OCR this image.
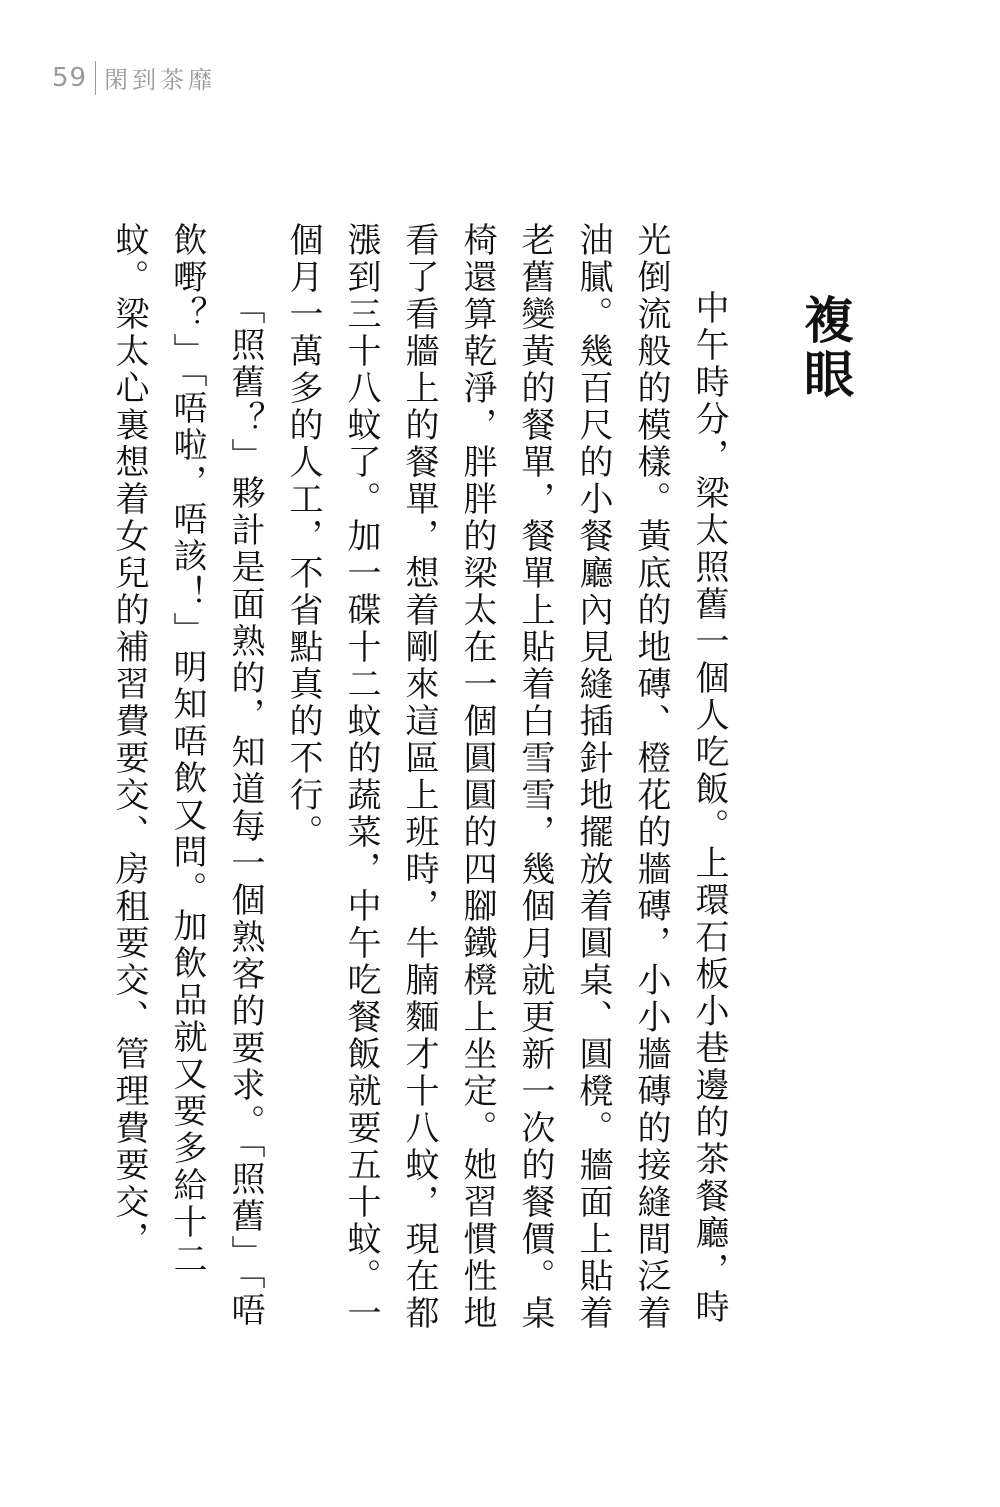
59 閑到茶靡
複眼

中午時分，梁太照舊一個人吃飯。上環石板小巷邊的茶餐廳，時光倒流般的模樣。黃底的地磚、橙花的牆磚，小小牆磚的接縫間泛着油膩。幾百尺的小餐廳內見縫插針地擺放着圓桌、圓櫈。牆面上貼着老舊變黃的餐單，餐單上貼着白雪雪，幾個月就更新一次的餐價。桌椅還算乾淨，胖胖的梁太在一個圓圓的四腳鐵櫈上坐定。她習慣性地看了看牆上的餐單，想着剛來這區上班時，牛腩麵才十八蚊，現在都漲到三十八蚊了。加一碟十二蚊的蔬菜，中午吃餐飯就要五十蚊。一個月一萬多的人工，不省點真的不行。

「照舊？」夥計是面熟的，知道每一個熟客的要求。「照舊」「唔飲嘢？」「唔啦，唔該！」明知唔飲又問。加飲品就又要多給十二蚊。梁太心裏想着女兒的補習費要交、房租要交、管理費要交，
